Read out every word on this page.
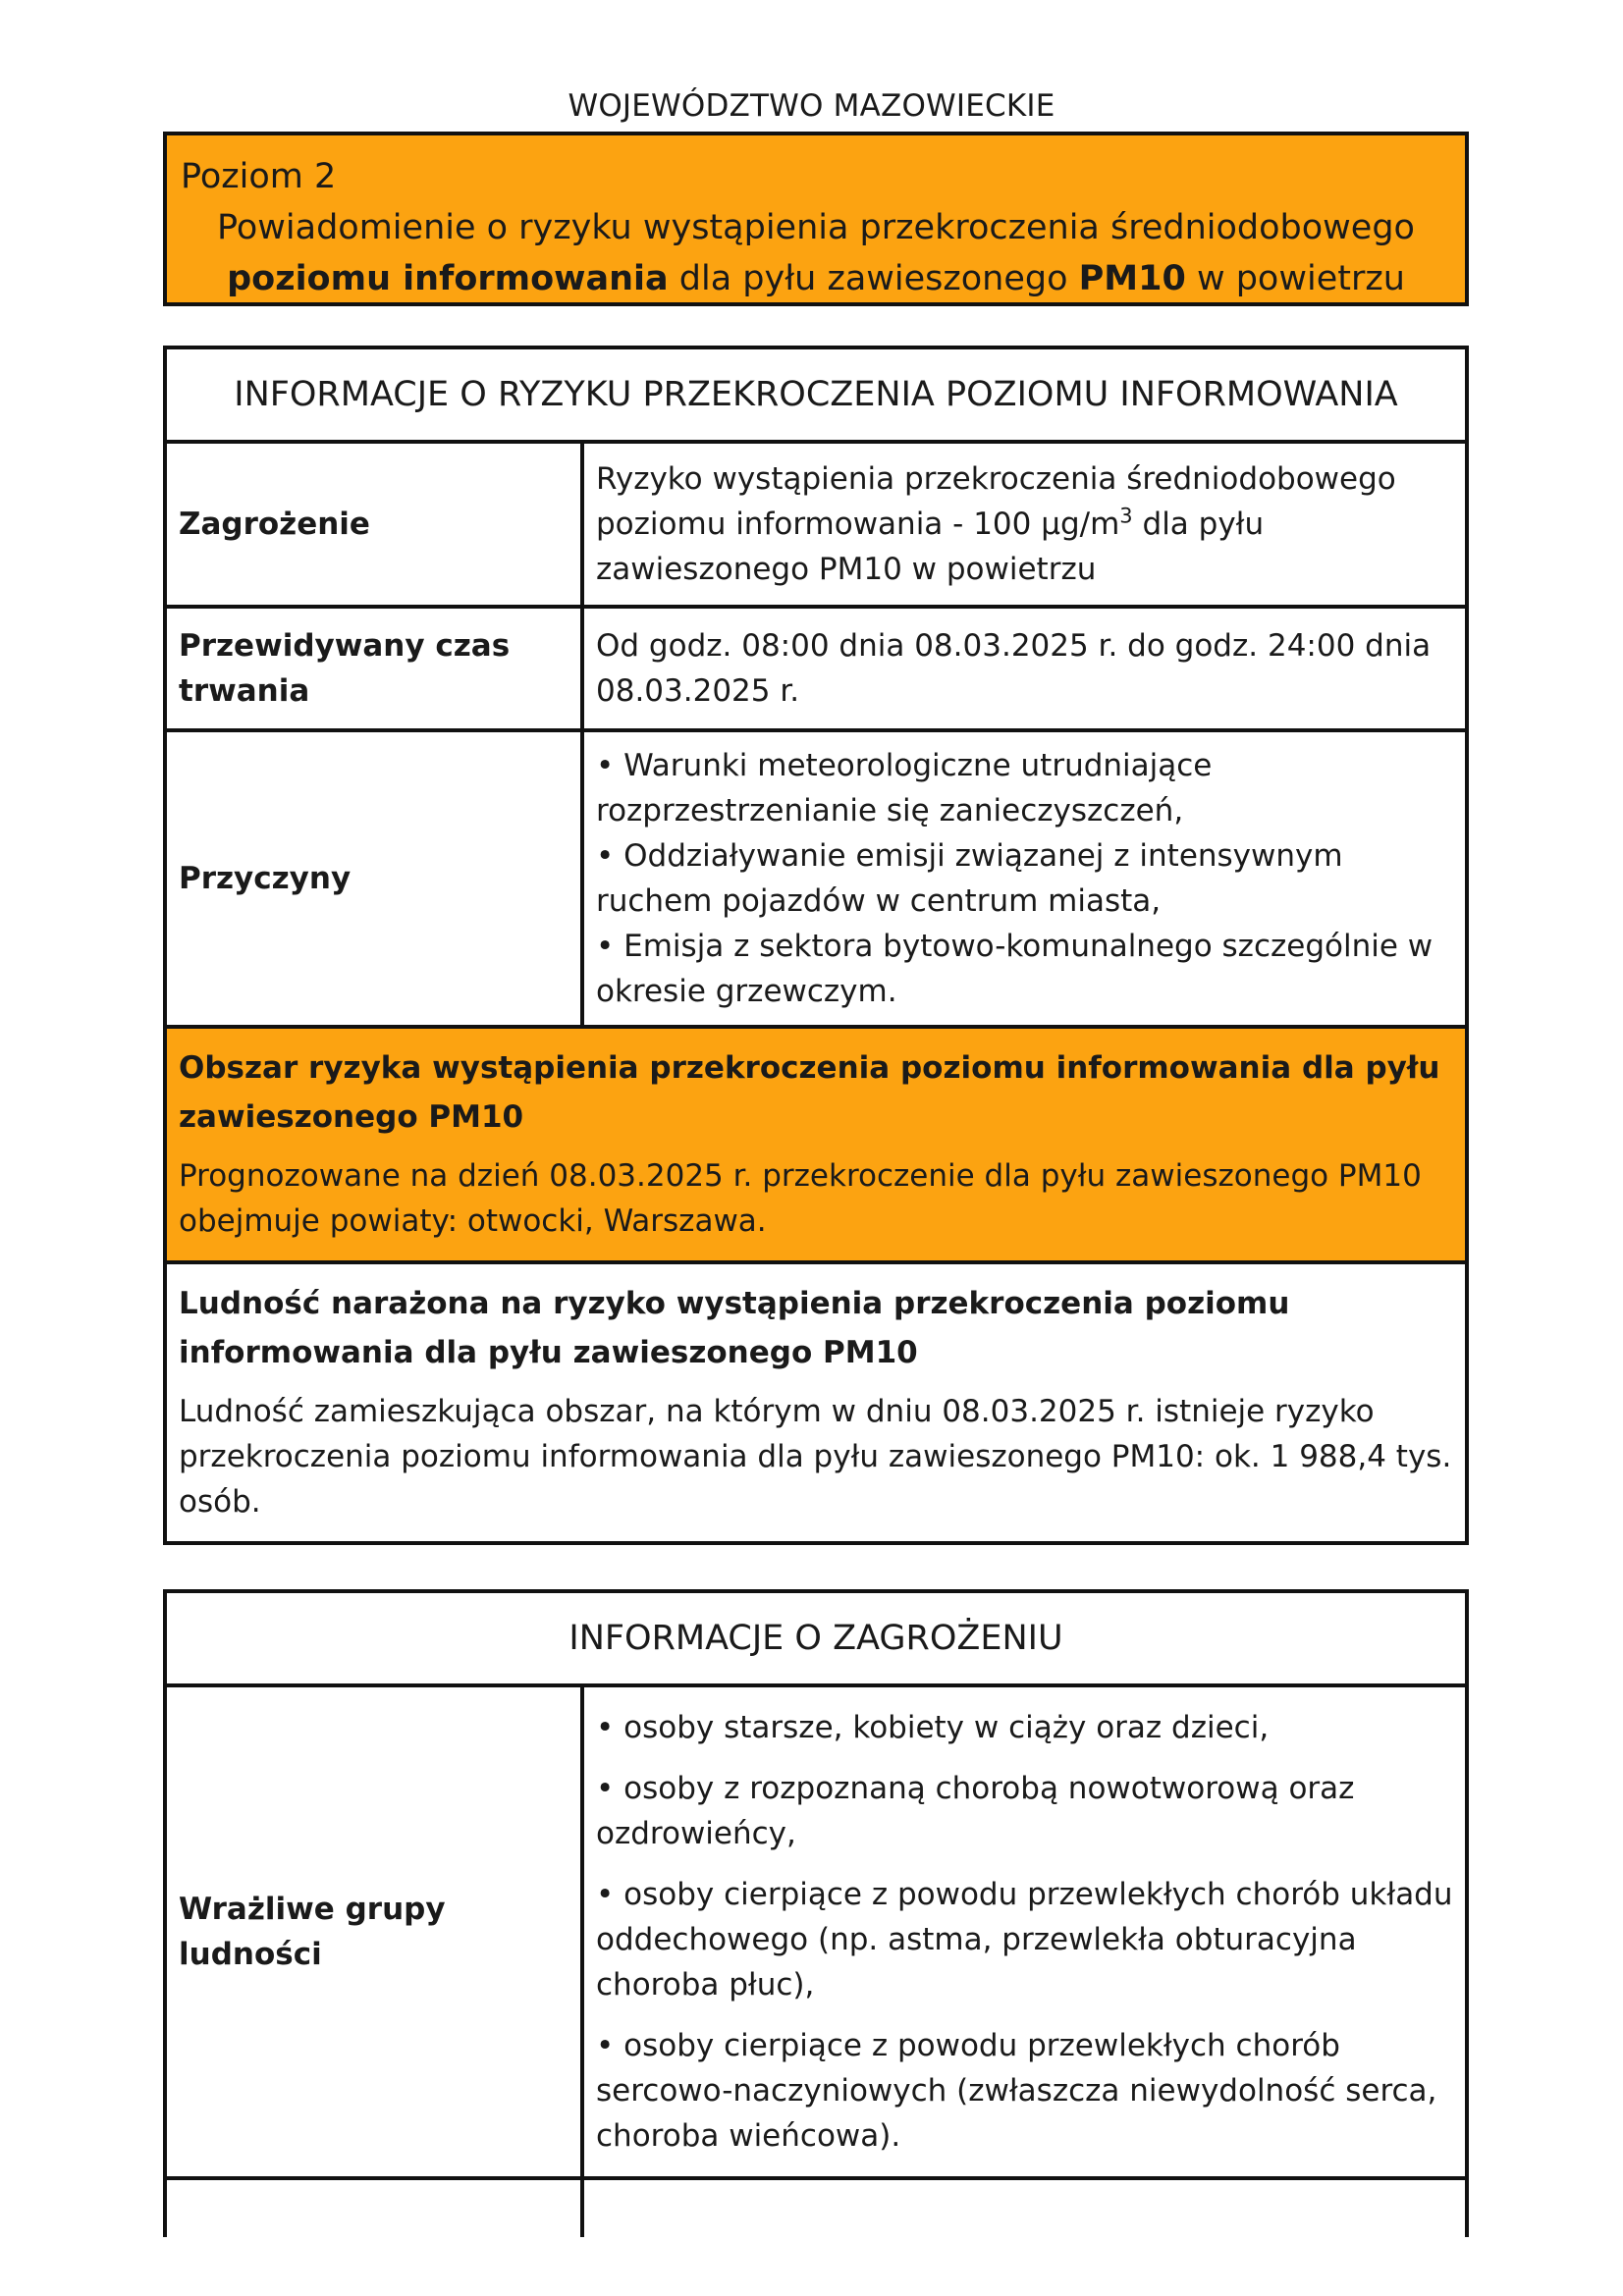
WOJEWÓDZTWO MAZOWIECKIE
Poziom 2
Powiadomienie o ryzyku wystąpienia przekroczenia średniodobowego
poziomu informowania dla pyłu zawieszonego PM10 w powietrzu
INFORMACJE O RYZYKU PRZEKROCZENIA POZIOMU INFORMOWANIA	
Zagrożenie	Ryzyko wystąpienia przekroczenia średniodobowego poziomu informowania - 100 $\mu g/m^3$ dla pyłu zawieszonego PM10 w powietrzu
Przewidywany czas trwania	Od godz. 08:00 dnia 08.03.2025 r. do godz. 24:00 dnia 08.03.2025 r.
Przyczyny	• Warunki meteorologiczne utrudniające rozprzestrzenianie się zanieczyszczeń,
• Oddziaływanie emisji związanej z intensywnym ruchem pojazdów w centrum miasta,
• Emisja z sektora bytowo-komunalnego szczególnie w okresie grzewczym.

Obszar ryzyka wystąpienia przekroczenia poziomu informowania dla pyłu zawieszonego PM10
Prognozowane na dzień 08.03.2025 r. przekroczenie dla pyłu zawieszonego PM10 obejmuje powiaty: otwocki, Warszawa.	

Ludność narażona na ryzyko wystąpienia przekroczenia poziomu informowania dla pyłu zawieszonego PM10
Ludność zamieszkująca obszar, na którym w dniu 08.03.2025 r. istnieje ryzyko przekroczenia poziomu informowania dla pyłu zawieszonego PM10: ok. 1 988,4 tys. osób.	
INFORMACJE O ZAGROŻENIU	
Wrażliwe grupy ludności	• osoby starsze, kobiety w ciąży oraz dzieci,

• osoby z rozpoznaną chorobą nowotworową oraz ozdrowieńcy,

• osoby cierpiące z powodu przewlekłych chorób układu oddechowego (np. astma, przewlekła obturacyjna choroba płuc),

• osoby cierpiące z powodu przewlekłych chorób sercowo-naczyniowych (zwłaszcza niewydolność serca, choroba wieńcowa).
